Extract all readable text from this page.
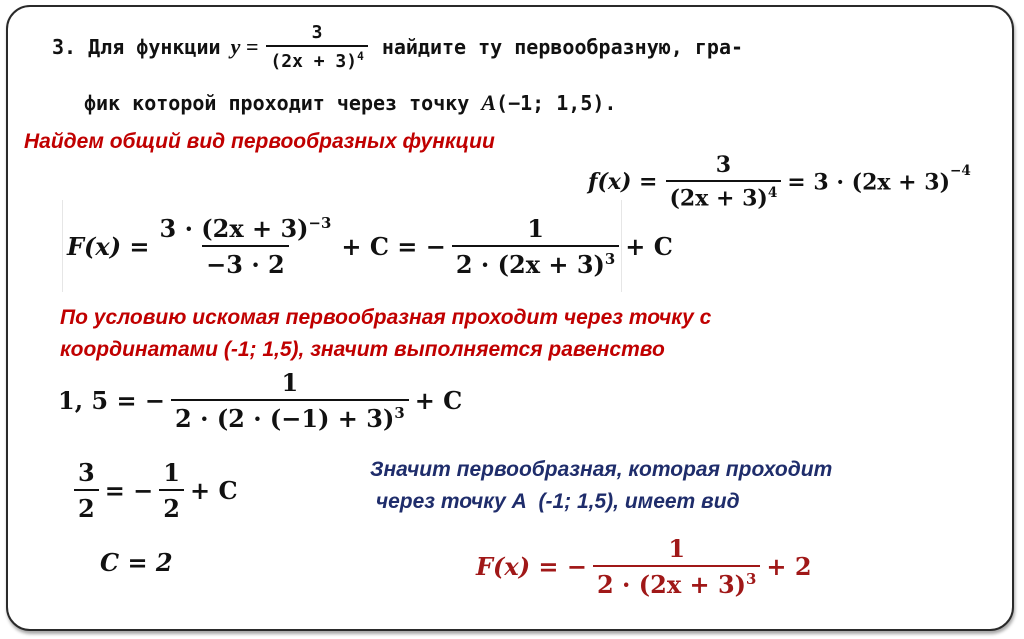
3. Для функции $y = \frac{3}{(2x + 3)^4}$ найдите ту первообразную, гра-
фик которой проходит через точку A(−1; 1,5).
Найдем общий вид первообразных функции
$f(x) = \frac{3}{(2x + 3)^4} = 3 \cdot (2x + 3)^{-4}$
$F(x) = \frac{3 \cdot (2x + 3)^{-3}}{-3 \cdot 2} + C$ = − $\frac{1}{2 \cdot (2x + 3)^3} + C$
По условию искомая первообразная проходит через точку с
координатами (-1; 1,5), значит выполняется равенство
1, 5 = − $\frac{1}{2 \cdot (2 \cdot (-1) + 3)^3} + C$
$\frac{3}{2}$ = − $\frac{1}{2} + C$
C = 2
Значит первообразная, которая проходит
через точку А  (-1; 1,5), имеет вид
F(x) = − $\frac{1}{2 \cdot (2x + 3)^3} + 2$
